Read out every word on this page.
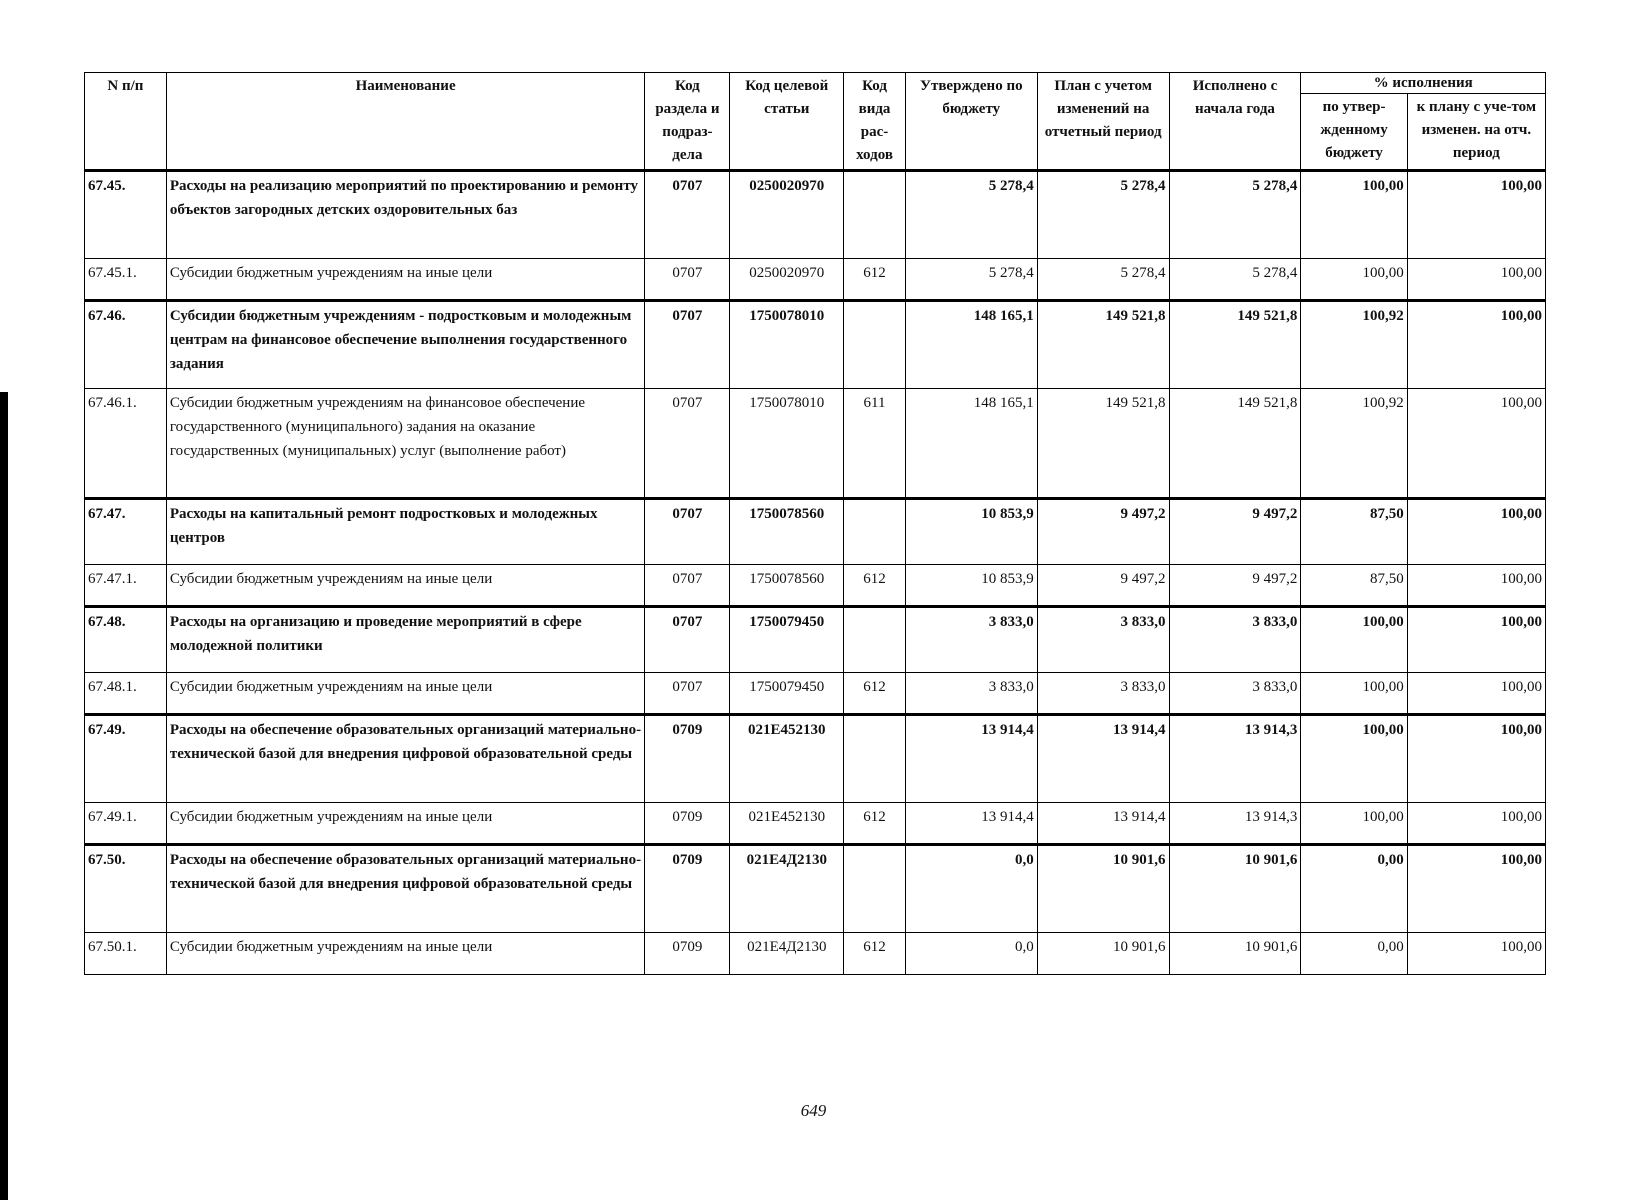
N п/п	Наименование	Код раздела и подраз-дела	Код целевой статьи	Код вида рас-ходов	Утверждено по бюджету	План с учетом изменений на отчетный период	Исполнено с начала года	% исполнения	
								по утвер-жденному бюджету	к плану с уче-том изменен. на отч. период
67.45.	Расходы на реализацию мероприятий по проектированию и ремонту объектов загородных детских оздоровительных баз	0707	0250020970		5 278,4	5 278,4	5 278,4	100,00	100,00
67.45.1.	Субсидии бюджетным учреждениям на иные цели	0707	0250020970	612	5 278,4	5 278,4	5 278,4	100,00	100,00
67.46.	Субсидии бюджетным учреждениям - подростковым и молодежным центрам на финансовое обеспечение выполнения государственного задания	0707	1750078010		148 165,1	149 521,8	149 521,8	100,92	100,00
67.46.1.	Субсидии бюджетным учреждениям на финансовое обеспечение государственного (муниципального) задания на оказание государственных (муниципальных) услуг (выполнение работ)	0707	1750078010	611	148 165,1	149 521,8	149 521,8	100,92	100,00
67.47.	Расходы на капитальный ремонт подростковых и молодежных центров	0707	1750078560		10 853,9	9 497,2	9 497,2	87,50	100,00
67.47.1.	Субсидии бюджетным учреждениям на иные цели	0707	1750078560	612	10 853,9	9 497,2	9 497,2	87,50	100,00
67.48.	Расходы на организацию и проведение мероприятий в сфере молодежной политики	0707	1750079450		3 833,0	3 833,0	3 833,0	100,00	100,00
67.48.1.	Субсидии бюджетным учреждениям на иные цели	0707	1750079450	612	3 833,0	3 833,0	3 833,0	100,00	100,00
67.49.	Расходы на обеспечение образовательных организаций материально-технической базой для внедрения цифровой образовательной среды	0709	021Е452130		13 914,4	13 914,4	13 914,3	100,00	100,00
67.49.1.	Субсидии бюджетным учреждениям на иные цели	0709	021Е452130	612	13 914,4	13 914,4	13 914,3	100,00	100,00
67.50.	Расходы на обеспечение образовательных организаций материально-технической базой для внедрения цифровой образовательной среды	0709	021Е4Д2130		0,0	10 901,6	10 901,6	0,00	100,00
67.50.1.	Субсидии бюджетным учреждениям на иные цели	0709	021Е4Д2130	612	0,0	10 901,6	10 901,6	0,00	100,00
649
